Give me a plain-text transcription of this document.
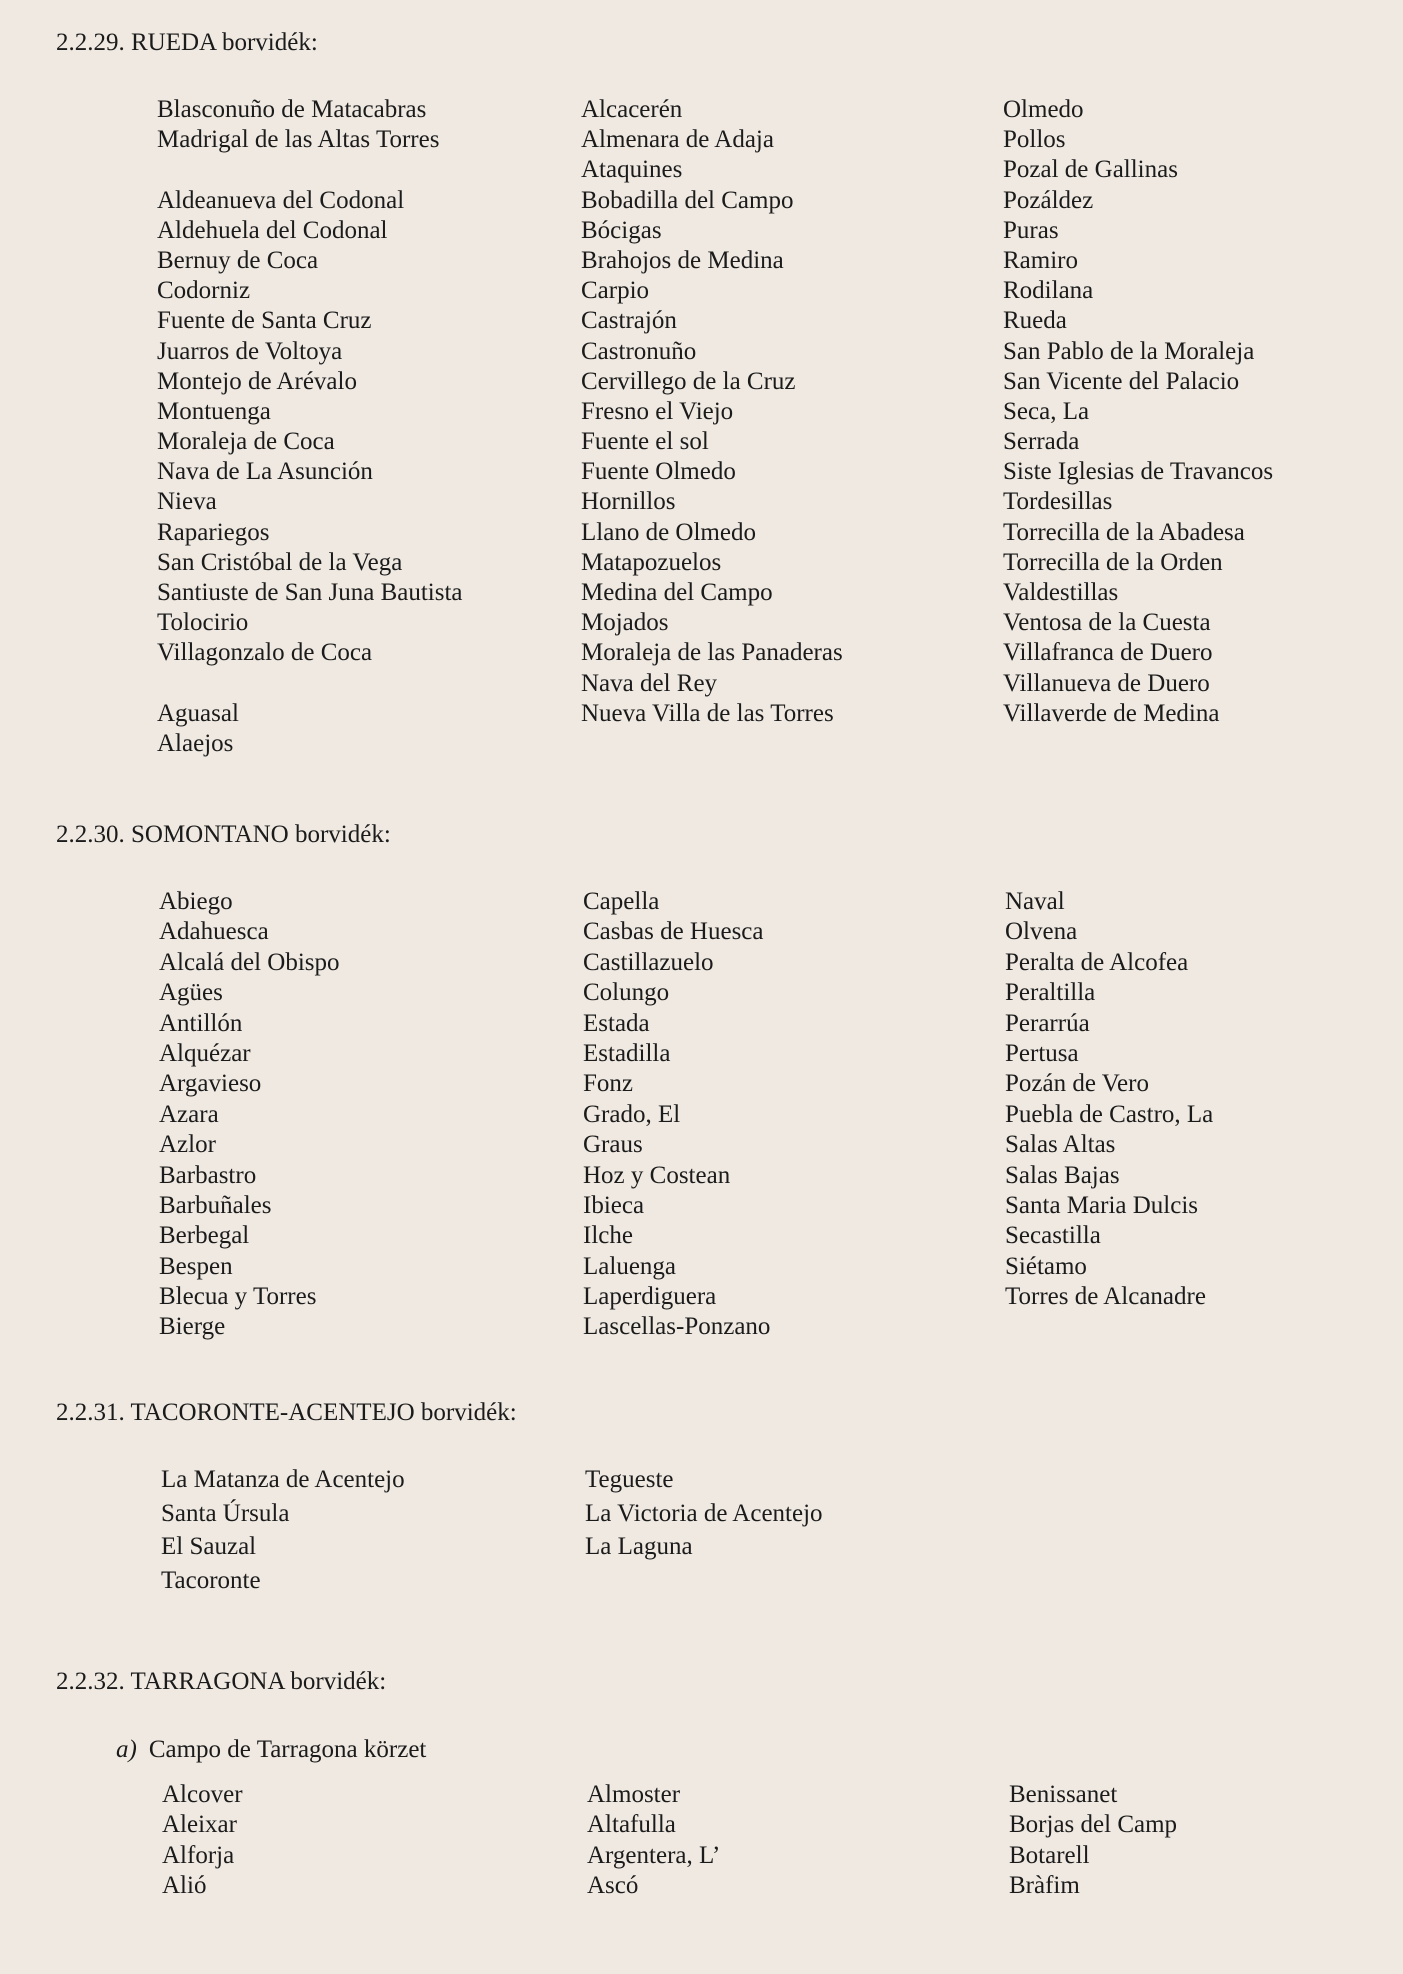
2.2.29. RUEDA borvidék:
Blasconuño de Matacabras
Madrigal de las Altas Torres
Aldeanueva del Codonal
Aldehuela del Codonal
Bernuy de Coca
Codorniz
Fuente de Santa Cruz
Juarros de Voltoya
Montejo de Arévalo
Montuenga
Moraleja de Coca
Nava de La Asunción
Nieva
Rapariegos
San Cristóbal de la Vega
Santiuste de San Juna Bautista
Tolocirio
Villagonzalo de Coca
Aguasal
Alaejos
Alcacerén
Almenara de Adaja
Ataquines
Bobadilla del Campo
Bócigas
Brahojos de Medina
Carpio
Castrajón
Castronuño
Cervillego de la Cruz
Fresno el Viejo
Fuente el sol
Fuente Olmedo
Hornillos
Llano de Olmedo
Matapozuelos
Medina del Campo
Mojados
Moraleja de las Panaderas
Nava del Rey
Nueva Villa de las Torres
Olmedo
Pollos
Pozal de Gallinas
Pozáldez
Puras
Ramiro
Rodilana
Rueda
San Pablo de la Moraleja
San Vicente del Palacio
Seca, La
Serrada
Siste Iglesias de Travancos
Tordesillas
Torrecilla de la Abadesa
Torrecilla de la Orden
Valdestillas
Ventosa de la Cuesta
Villafranca de Duero
Villanueva de Duero
Villaverde de Medina
2.2.30. SOMONTANO borvidék:
Abiego
Adahuesca
Alcalá del Obispo
Agües
Antillón
Alquézar
Argavieso
Azara
Azlor
Barbastro
Barbuñales
Berbegal
Bespen
Blecua y Torres
Bierge
Capella
Casbas de Huesca
Castillazuelo
Colungo
Estada
Estadilla
Fonz
Grado, El
Graus
Hoz y Costean
Ibieca
Ilche
Laluenga
Laperdiguera
Lascellas-Ponzano
Naval
Olvena
Peralta de Alcofea
Peraltilla
Perarrúa
Pertusa
Pozán de Vero
Puebla de Castro, La
Salas Altas
Salas Bajas
Santa Maria Dulcis
Secastilla
Siétamo
Torres de Alcanadre
2.2.31. TACORONTE-ACENTEJO borvidék:
La Matanza de Acentejo
Santa Úrsula
El Sauzal
Tacoronte
Tegueste
La Victoria de Acentejo
La Laguna
2.2.32. TARRAGONA borvidék:
a) Campo de Tarragona körzet
Alcover
Aleixar
Alforja
Alió
Almoster
Altafulla
Argentera, L’
Ascó
Benissanet
Borjas del Camp
Botarell
Bràfim
